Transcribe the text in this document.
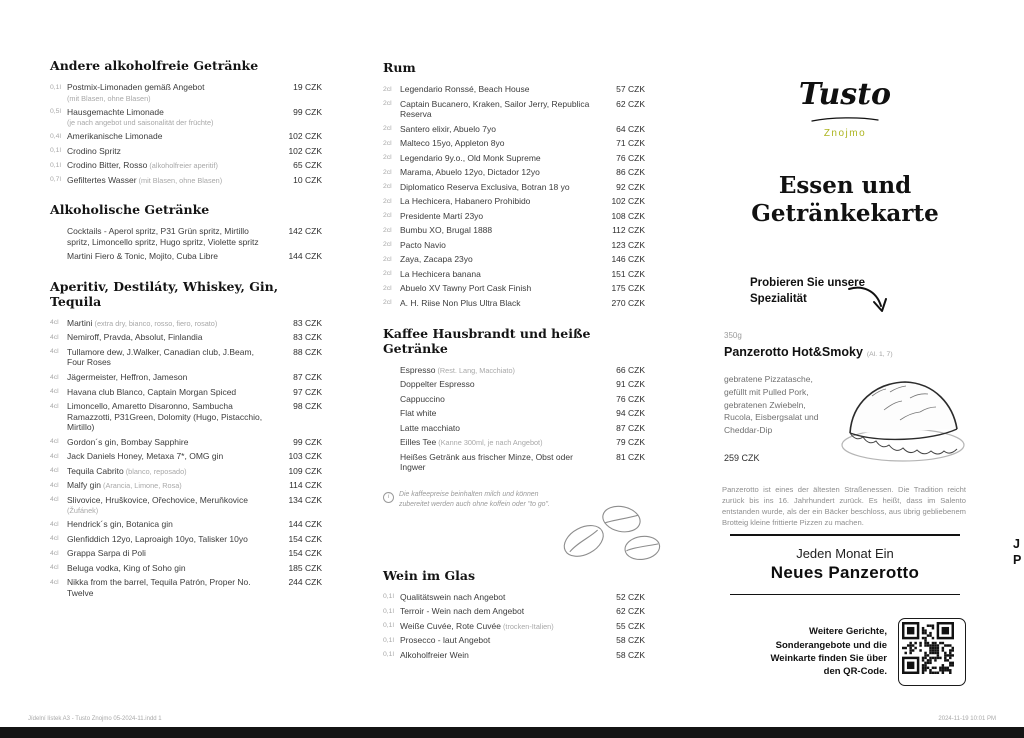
Andere alkoholfreie Getränke
0,1l Postmix-Limonaden gemäß Angebot
(mit Blasen, ohne Blasen)
19 CZK
0,5l Hausgemachte Limonade
(je nach angebot und saisonalität der früchte)
99 CZK
0,4l Amerikanische Limonade	102 CZK
0,1l Crodino Spritz	102 CZK
0,1l Crodino Bitter, Rosso (alkoholfreier aperitif)	65 CZK
0,7l Gefiltertes Wasser (mit Blasen, ohne Blasen)	10 CZK
Alkoholische Getränke
Cocktails - Aperol spritz, P31 Grün spritz, Mirtillo spritz, Limoncello spritz, Hugo spritz, Violette spritz
142 CZK
Martini Fiero & Tonic, Mojito, Cuba Libre	144 CZK
Aperitiv, Destiláty, Whiskey, Gin, Tequila
4cl Martini (extra dry, bianco, rosso, fiero, rosato)	83 CZK
4cl Nemiroff, Pravda, Absolut, Finlandia	83 CZK
4cl Tullamore dew, J.Walker, Canadian club, J.Beam, Four Roses
88 CZK
4cl Jägermeister, Heffron, Jameson	87 CZK
4cl Havana club Blanco, Captain Morgan Spiced	97 CZK
4cl Limoncello, Amaretto Disaronno, Sambucha Ramazzotti, P31Green, Dolomity (Hugo, Pistacchio, Mirtillo)
98 CZK
4cl Gordon´s gin, Bombay Sapphire	99 CZK
4cl Jack Daniels Honey, Metaxa 7*, OMG gin	103 CZK
4cl Tequila Cabrito (blanco, reposado)	109 CZK
4cl Malfy gin (Arancia, Limone, Rosa)	114 CZK
4cl Slivovice, Hruškovice, Ořechovice, Meruňkovice
(Žufánek)
134 CZK
4cl Hendrick´s gin, Botanica gin	144 CZK
4cl Glenfiddich 12yo, Laproaigh 10yo, Talisker 10yo	154 CZK
4cl Grappa Sarpa di Poli	154 CZK
4cl Beluga vodka, King of Soho gin	185 CZK
4cl Nikka from the barrel, Tequila Patrón, Proper No. Twelve
244 CZK
Rum
2cl Legendario Ronssé, Beach House	57 CZK
2cl Captain Bucanero, Kraken, Sailor Jerry, Republica Reserva
62 CZK
2cl Santero elixir, Abuelo 7yo	64 CZK
2cl Malteco 15yo, Appleton 8yo	71 CZK
2cl Legendario 9y.o., Old Monk Supreme	76 CZK
2cl Marama, Abuelo 12yo, Dictador 12yo	86 CZK
2cl Diplomatico Reserva Exclusiva, Botran 18 yo	92 CZK
2cl La Hechicera, Habanero Prohibido	102 CZK
2cl Presidente Martí 23yo	108 CZK
2cl Bumbu XO, Brugal 1888	112 CZK
2cl Pacto Navio	123 CZK
2cl Zaya, Zacapa 23yo	146 CZK
2cl La Hechicera banana	151 CZK
2cl Abuelo XV Tawny Port Cask Finish	175 CZK
2cl A. H. Riise Non Plus Ultra Black	270 CZK
Kaffee Hausbrandt und heiße Getränke
Espresso (Rest. Lang, Macchiato)	66 CZK
Doppelter Espresso	91 CZK
Cappuccino	76 CZK
Flat white	94 CZK
Latte macchiato	87 CZK
Eilles Tee (Kanne 300ml, je nach Angebot)	79 CZK
Heißes Getränk aus frischer Minze, Obst oder Ingwer
81 CZK
i	Die kaffeepreise beinhalten milch und können zubereitet werden auch ohne koffein oder "to go".

Wein im Glas
0,1l Qualitätswein nach Angebot	52 CZK
0,1l Terroir - Wein nach dem Angebot	62 CZK
0,1l Weiße Cuvée, Rote Cuvée (trocken-Italien)	55 CZK
0,1l Prosecco - laut Angebot	58 CZK
0,1l Alkoholfreier Wein	58 CZK
Tusto
Znojmo
Essen und
Getränkekarte
Probieren Sie unsere Spezialität
350g
Panzerotto Hot&Smoky (Al. 1, 7)
gebratene Pizzatasche, gefüllt mit Pulled Pork, gebratenen Zwiebeln, Rucola, Eisbergsalat und Cheddar-Dip
259 CZK

Panzerotto ist eines der ältesten Straßenessen. Die Tradition reicht zurück bis ins 16. Jahrhundert zurück. Es heißt, dass im Salento entstanden wurde, als der ein Bäcker beschloss, aus übrig gebliebenem Brotteig kleine frittierte Pizzen zu machen.

Jeden Monat Ein
Neues Panzerotto

Weitere Gerichte, Sonderangebote und die Weinkarte finden Sie über den QR-Code.

J
P
Jídelní lístek A3 - Tusto Znojmo 05-2024-11.indd 1	2024-11-19 10:01 PM
